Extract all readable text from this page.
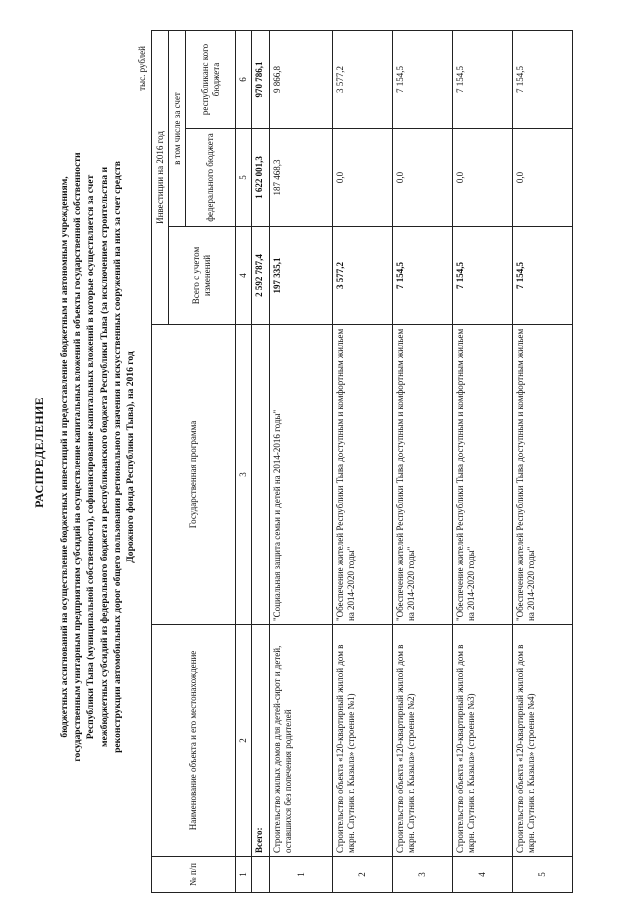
РАСПРЕДЕЛЕНИЕ бюджетных ассигнований на осуществление бюджетных инвестиций и предоставление бюджетным и автономным учреждениям, государственным унитарным предприятиям субсидий на осуществление капитальных вложений в объекты государственной собственности Республики Тыва (муниципальной собственности), софинансирование капитальных вложений в которые осуществляется за счет межбюджетных субсидий из федерального бюджета и республиканского бюджета Республики Тыва (за исключением строительства и реконструкции автомобильных дорог общего пользования регионального значения и искусственных сооружений на них за счет средств Дорожного фонда Республики Тыва), на 2016 год
тыс. рублей
№ п/п	Наименование объекта и его местонахождение	Государственная программа	Инвестиции на 2016 год		
			Всего с учетом изменений	в том числе за счет	
				федерального бюджета	республиканс кого бюджета
1	2	3	4	5	6
	Всего:		2 592 787,4	1 622 001,3	970 786,1
1	Строительство жилых домов для детей-сирот и детей, оставшихся без попечения родителей	"Социальная защита семьи и детей на 2014-2016 годы"	197 335,1	187 468,3	9 866,8
2	Строительство объекта «120-квартирный жилой дом в мкрн. Спутник г. Кызыла» (строение №1)	"Обеспечение жителей Республики Тыва доступным и комфортным жильем на 2014-2020 годы"	3 577,2	0,0	3 577,2
3	Строительство объекта «120-квартирный жилой дом в мкрн. Спутник г. Кызыла» (строение №2)	"Обеспечение жителей Республики Тыва доступным и комфортным жильем на 2014-2020 годы"	7 154,5	0,0	7 154,5
4	Строительство объекта «120-квартирный жилой дом в мкрн. Спутник г. Кызыла» (строение №3)	"Обеспечение жителей Республики Тыва доступным и комфортным жильем на 2014-2020 годы"	7 154,5	0,0	7 154,5
5	Строительство объекта «120-квартирный жилой дом в мкрн. Спутник г. Кызыла» (строение №4)	"Обеспечение жителей Республики Тыва доступным и комфортным жильем на 2014-2020 годы"	7 154,5	0,0	7 154,5
